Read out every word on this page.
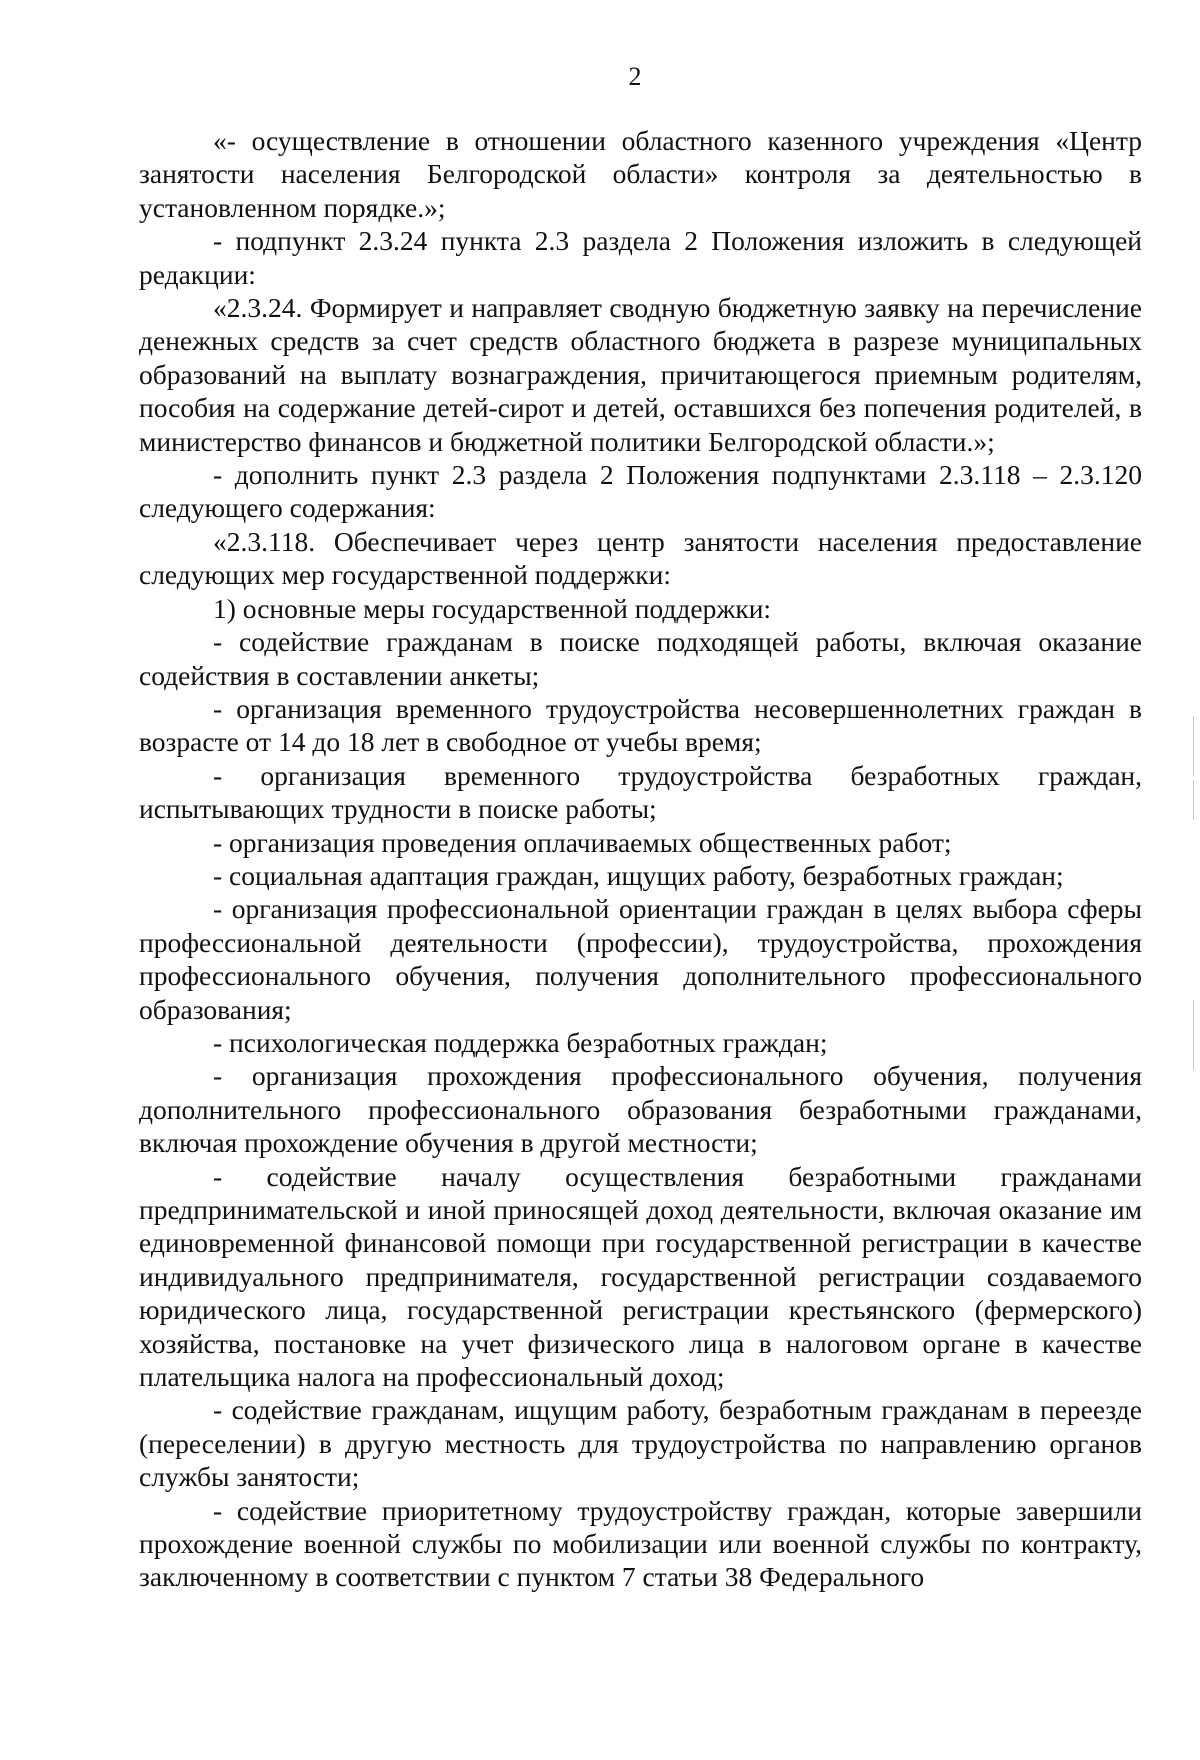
2

«- осуществление в отношении областного казенного учреждения «Центр занятости населения Белгородской области» контроля за деятельностью в установленном порядке.»;

- подпункт 2.3.24 пункта 2.3 раздела 2 Положения изложить в следующей редакции:

«2.3.24. Формирует и направляет сводную бюджетную заявку на перечисление денежных средств за счет средств областного бюджета в разрезе муниципальных образований на выплату вознаграждения, причитающегося приемным родителям, пособия на содержание детей-сирот и детей, оставшихся без попечения родителей, в министерство финансов и бюджетной политики Белгородской области.»;

- дополнить пункт 2.3 раздела 2 Положения подпунктами 2.3.118 – 2.3.120 следующего содержания:

«2.3.118. Обеспечивает через центр занятости населения предоставление следующих мер государственной поддержки:

1) основные меры государственной поддержки:

- содействие гражданам в поиске подходящей работы, включая оказание содействия в составлении анкеты;

- организация временного трудоустройства несовершеннолетних граждан в возрасте от 14 до 18 лет в свободное от учебы время;

- организация временного трудоустройства безработных граждан, испытывающих трудности в поиске работы;

- организация проведения оплачиваемых общественных работ;

- социальная адаптация граждан, ищущих работу, безработных граждан;

- организация профессиональной ориентации граждан в целях выбора сферы профессиональной деятельности (профессии), трудоустройства, прохождения профессионального обучения, получения дополнительного профессионального образования;

- психологическая поддержка безработных граждан;

- организация прохождения профессионального обучения, получения дополнительного профессионального образования безработными гражданами, включая прохождение обучения в другой местности;

- содействие началу осуществления безработными гражданами предпринимательской и иной приносящей доход деятельности, включая оказание им единовременной финансовой помощи при государственной регистрации в качестве индивидуального предпринимателя, государственной регистрации создаваемого юридического лица, государственной регистрации крестьянского (фермерского) хозяйства, постановке на учет физического лица в налоговом органе в качестве плательщика налога на профессиональный доход;

- содействие гражданам, ищущим работу, безработным гражданам в переезде (переселении) в другую местность для трудоустройства по направлению органов службы занятости;

- содействие приоритетному трудоустройству граждан, которые завершили прохождение военной службы по мобилизации или военной службы по контракту, заключенному в соответствии с пунктом 7 статьи 38 Федерального
